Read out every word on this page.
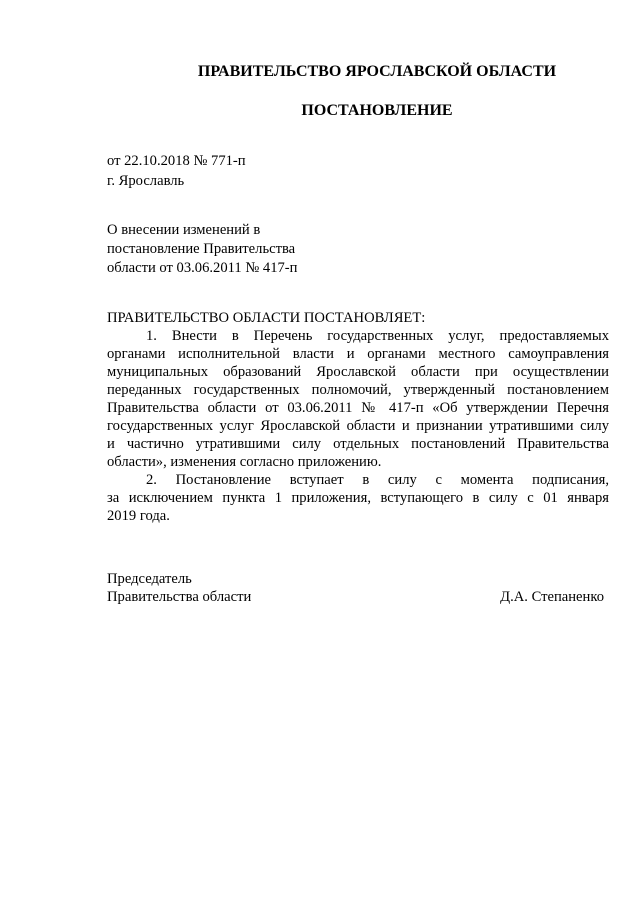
ПРАВИТЕЛЬСТВО ЯРОСЛАВСКОЙ ОБЛАСТИ
ПОСТАНОВЛЕНИЕ
от 22.10.2018 № 771-п
г. Ярославль
О внесении изменений в
постановление Правительства
области от 03.06.2011 № 417-п
ПРАВИТЕЛЬСТВО ОБЛАСТИ ПОСТАНОВЛЯЕТ:
1. Внести в Перечень государственных услуг, предоставляемых
органами исполнительной власти и органами местного самоуправления
муниципальных образований Ярославской области при осуществлении
переданных государственных полномочий, утвержденный постановлением
Правительства области от 03.06.2011 № 417-п «Об утверждении Перечня
государственных услуг Ярославской области и признании утратившими силу
и частично утратившими силу отдельных постановлений Правительства
области», изменения согласно приложению.
2. Постановление вступает в силу с момента подписания,
за исключением пункта 1 приложения, вступающего в силу с 01 января
2019 года.
Председатель
Правительства области	Д.А. Степаненко
